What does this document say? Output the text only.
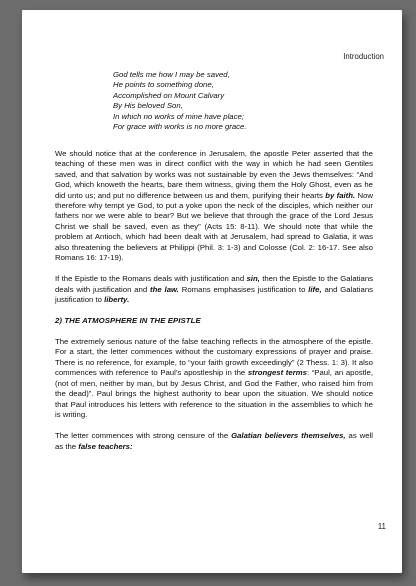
Introduction
God tells me how I may be saved,
He points to something done,
Accomplished on Mount Calvary
By His beloved Son,
In which no works of mine have place;
For grace with works is no more grace.

We should notice that at the conference in Jerusalem, the apostle Peter asserted that the teaching of these men was in direct conflict with the way in which he had seen Gentiles saved, and that salvation by works was not sustainable by even the Jews themselves: “And God, which knoweth the hearts, bare them witness, giving them the Holy Ghost, even as he did unto us; and put no difference between us and them, purifying their hearts by faith. Now therefore why tempt ye God, to put a yoke upon the neck of the disciples, which neither our fathers nor we were able to bear? But we believe that through the grace of the Lord Jesus Christ we shall be saved, even as they” (Acts 15: 8-11). We should note that while the problem at Antioch, which had been dealt with at Jerusalem, had spread to Galatia, it was also threatening the believers at Philippi (Phil. 3: 1-3) and Colosse (Col. 2: 16-17. See also Romans 16: 17-19).

If the Epistle to the Romans deals with justification and sin, then the Epistle to the Galatians deals with justification and the law. Romans emphasises justification to life, and Galatians justification to liberty.

2) THE ATMOSPHERE IN THE EPISTLE

The extremely serious nature of the false teaching reflects in the atmosphere of the epistle. For a start, the letter commences without the customary expressions of prayer and praise. There is no reference, for example, to “your faith growth exceedingly” (2 Thess. 1: 3). It also commences with reference to Paul’s apostleship in the strongest terms: “Paul, an apostle, (not of men, neither by man, but by Jesus Christ, and God the Father, who raised him from the dead)”. Paul brings the highest authority to bear upon the situation. We should notice that Paul introduces his letters with reference to the situation in the assemblies to which he is writing.

The letter commences with strong censure of the Galatian believers themselves, as well as the false teachers:

11
